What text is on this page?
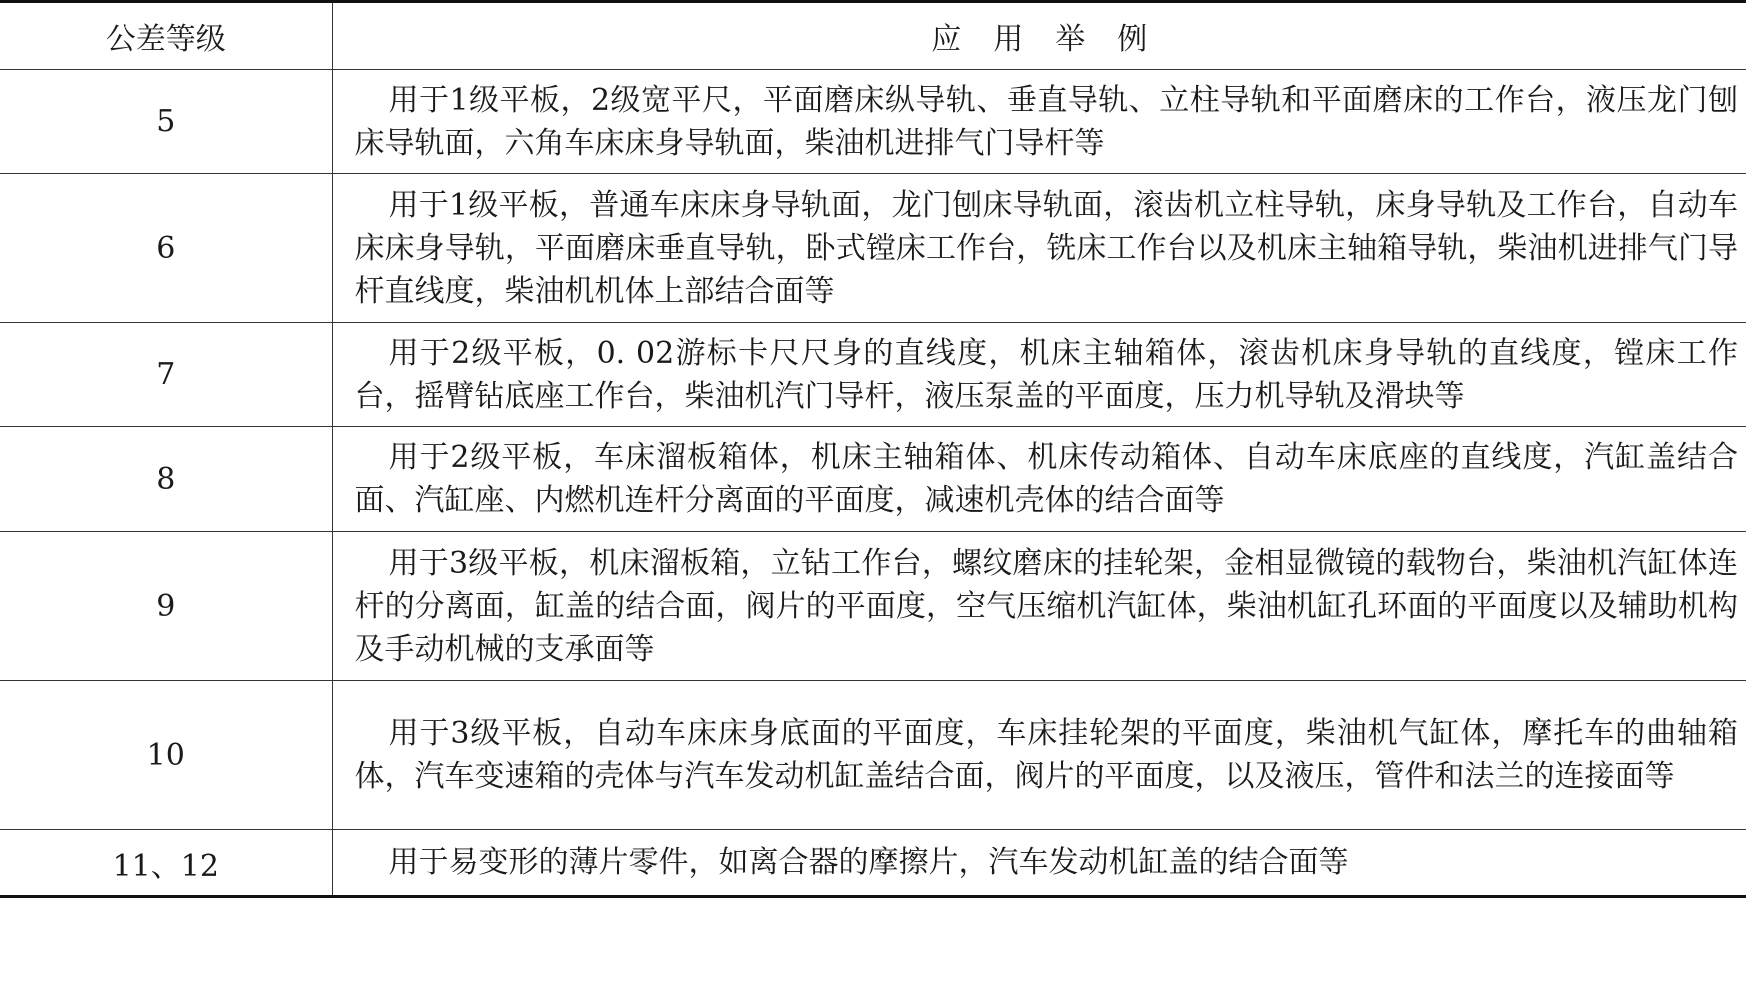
公差等级	应用举例
5	用于1级平板，2级宽平尺，平面磨床纵导轨、垂直导轨、立柱导轨和平面磨床的工作台，液压龙门刨床导轨面，六角车床床身导轨面，柴油机进排气门导杆等
6	用于1级平板，普通车床床身导轨面，龙门刨床导轨面，滚齿机立柱导轨，床身导轨及工作台，自动车床床身导轨，平面磨床垂直导轨，卧式镗床工作台，铣床工作台以及机床主轴箱导轨，柴油机进排气门导杆直线度，柴油机机体上部结合面等
7	用于2级平板，0. 02游标卡尺尺身的直线度，机床主轴箱体，滚齿机床身导轨的直线度，镗床工作台，摇臂钻底座工作台，柴油机汽门导杆，液压泵盖的平面度，压力机导轨及滑块等
8	用于2级平板，车床溜板箱体，机床主轴箱体、机床传动箱体、自动车床底座的直线度，汽缸盖结合面、汽缸座、内燃机连杆分离面的平面度，减速机壳体的结合面等
9	用于3级平板，机床溜板箱，立钻工作台，螺纹磨床的挂轮架，金相显微镜的载物台，柴油机汽缸体连杆的分离面，缸盖的结合面，阀片的平面度，空气压缩机汽缸体，柴油机缸孔环面的平面度以及辅助机构及手动机械的支承面等
10	用于3级平板，自动车床床身底面的平面度，车床挂轮架的平面度，柴油机气缸体，摩托车的曲轴箱体，汽车变速箱的壳体与汽车发动机缸盖结合面，阀片的平面度，以及液压，管件和法兰的连接面等
11、12	用于易变形的薄片零件，如离合器的摩擦片，汽车发动机缸盖的结合面等
